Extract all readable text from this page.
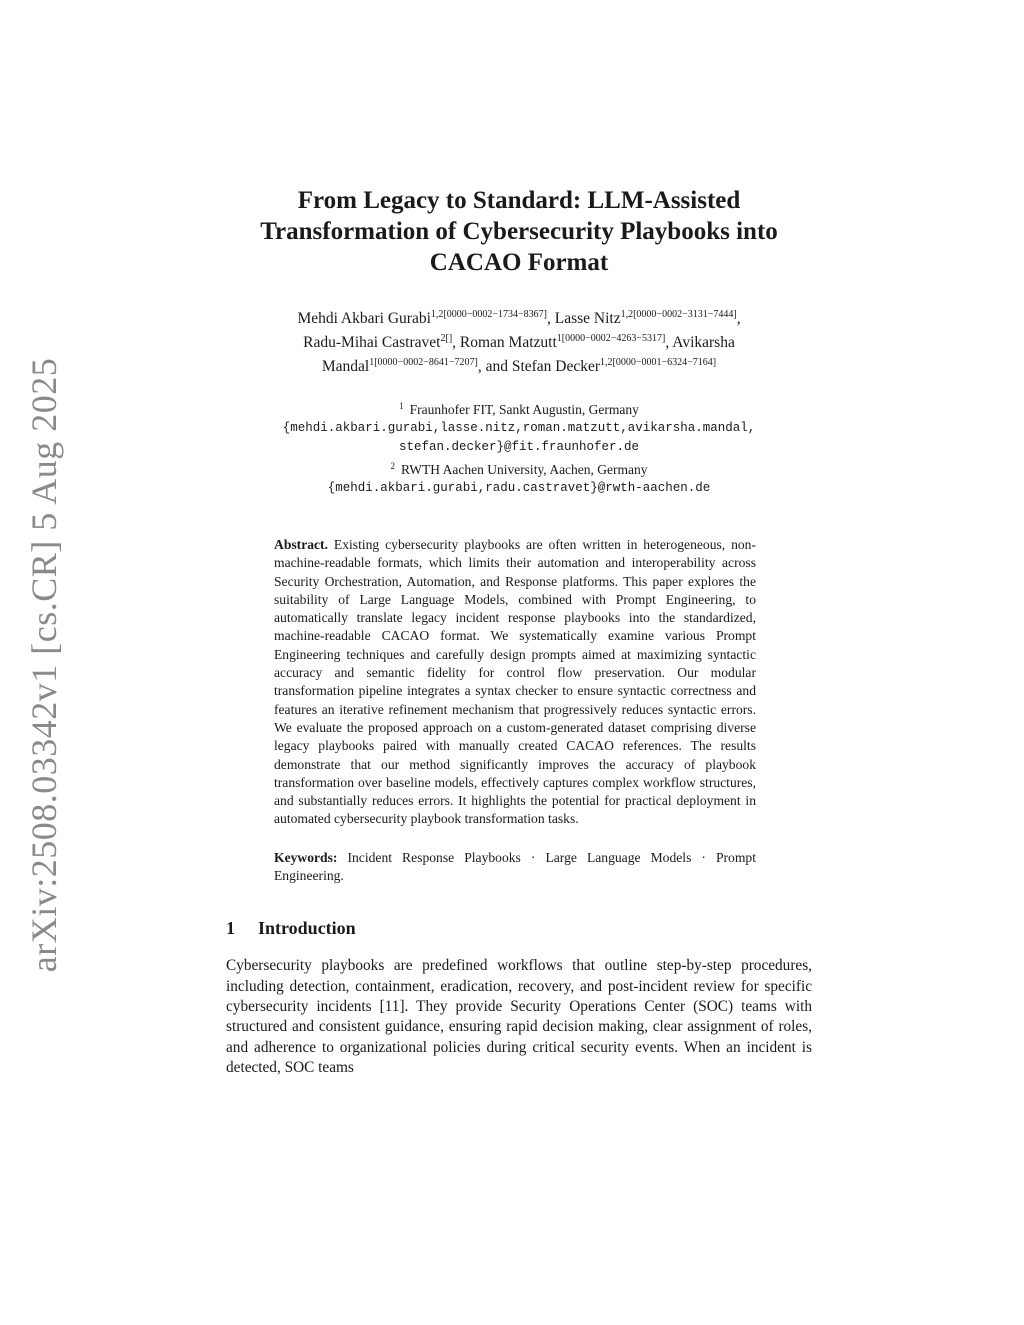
arXiv:2508.03342v1 [cs.CR] 5 Aug 2025
From Legacy to Standard: LLM-Assisted
Transformation of Cybersecurity Playbooks into
CACAO Format
Mehdi Akbari Gurabi$^{1,2[0000-0002-1734-8367]}$, Lasse Nitz$^{1,2[0000-0002-3131-7444]}$,
Radu-Mihai Castravet$^{2[]}$, Roman Matzutt$^{1[0000-0002-4263-5317]}$, Avikarsha
Mandal$^{1[0000-0002-8641-7207]}$, and Stefan Decker$^{1,2[0000-0001-6324-7164]}$
$^1$ Fraunhofer FIT, Sankt Augustin, Germany
{mehdi.akbari.gurabi,lasse.nitz,roman.matzutt,avikarsha.mandal,
stefan.decker}@fit.fraunhofer.de
$^2$ RWTH Aachen University, Aachen, Germany
{mehdi.akbari.gurabi,radu.castravet}@rwth-aachen.de
Abstract. Existing cybersecurity playbooks are often written in heterogeneous, non-machine-readable formats, which limits their automation and interoperability across Security Orchestration, Automation, and Response platforms. This paper explores the suitability of Large Language Models, combined with Prompt Engineering, to automatically translate legacy incident response playbooks into the standardized, machine-readable CACAO format. We systematically examine various Prompt Engineering techniques and carefully design prompts aimed at maximizing syntactic accuracy and semantic fidelity for control flow preservation. Our modular transformation pipeline integrates a syntax checker to ensure syntactic correctness and features an iterative refinement mechanism that progressively reduces syntactic errors. We evaluate the proposed approach on a custom-generated dataset comprising diverse legacy playbooks paired with manually created CACAO references. The results demonstrate that our method significantly improves the accuracy of playbook transformation over baseline models, effectively captures complex workflow structures, and substantially reduces errors. It highlights the potential for practical deployment in automated cybersecurity playbook transformation tasks.
Keywords: Incident Response Playbooks · Large Language Models · Prompt Engineering.
1 Introduction

Cybersecurity playbooks are predefined workflows that outline step-by-step procedures, including detection, containment, eradication, recovery, and post-incident review for specific cybersecurity incidents [11]. They provide Security Operations Center (SOC) teams with structured and consistent guidance, ensuring rapid decision making, clear assignment of roles, and adherence to organizational policies during critical security events. When an incident is detected, SOC teams
